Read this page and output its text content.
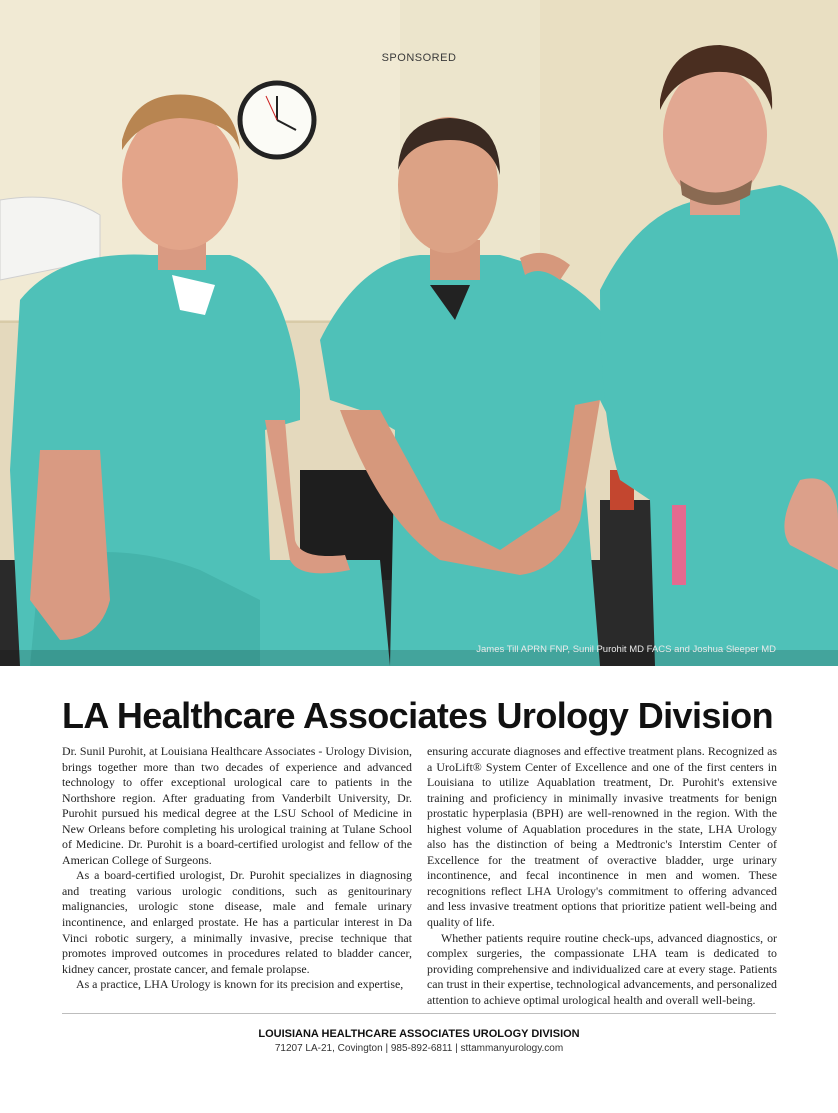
SPONSORED
James Till APRN FNP, Sunil Purohit MD FACS and Joshua Sleeper MD
LA Healthcare Associates Urology Division

Dr. Sunil Purohit, at Louisiana Healthcare Associates - Urology Division, brings together more than two decades of experience and advanced technology to offer exceptional urological care to patients in the Northshore region. After graduating from Vanderbilt University, Dr. Purohit pursued his medical degree at the LSU School of Medicine in New Orleans before completing his urological training at Tulane School of Medicine. Dr. Purohit is a board-certified urologist and fellow of the American College of Surgeons.

As a board-certified urologist, Dr. Purohit specializes in diagnosing and treating various urologic conditions, such as genitourinary malignancies, urologic stone disease, male and female urinary incontinence, and enlarged prostate. He has a particular interest in Da Vinci robotic surgery, a minimally invasive, precise technique that promotes improved outcomes in procedures related to bladder cancer, kidney cancer, prostate cancer, and female prolapse.

As a practice, LHA Urology is known for its precision and expertise,

ensuring accurate diagnoses and effective treatment plans. Recognized as a UroLift® System Center of Excellence and one of the first centers in Louisiana to utilize Aquablation treatment, Dr. Purohit's extensive training and proficiency in minimally invasive treatments for benign prostatic hyperplasia (BPH) are well-renowned in the region. With the highest volume of Aquablation procedures in the state, LHA Urology also has the distinction of being a Medtronic's Interstim Center of Excellence for the treatment of overactive bladder, urge urinary incontinence, and fecal incontinence in men and women. These recognitions reflect LHA Urology's commitment to offering advanced and less invasive treatment options that prioritize patient well-being and quality of life.

Whether patients require routine check-ups, advanced diagnostics, or complex surgeries, the compassionate LHA team is dedicated to providing comprehensive and individualized care at every stage. Patients can trust in their expertise, technological advancements, and personalized attention to achieve optimal urological health and overall well-being.

LOUISIANA HEALTHCARE ASSOCIATES UROLOGY DIVISION
71207 LA-21, Covington | 985-892-6811 | sttammanyurology.com
